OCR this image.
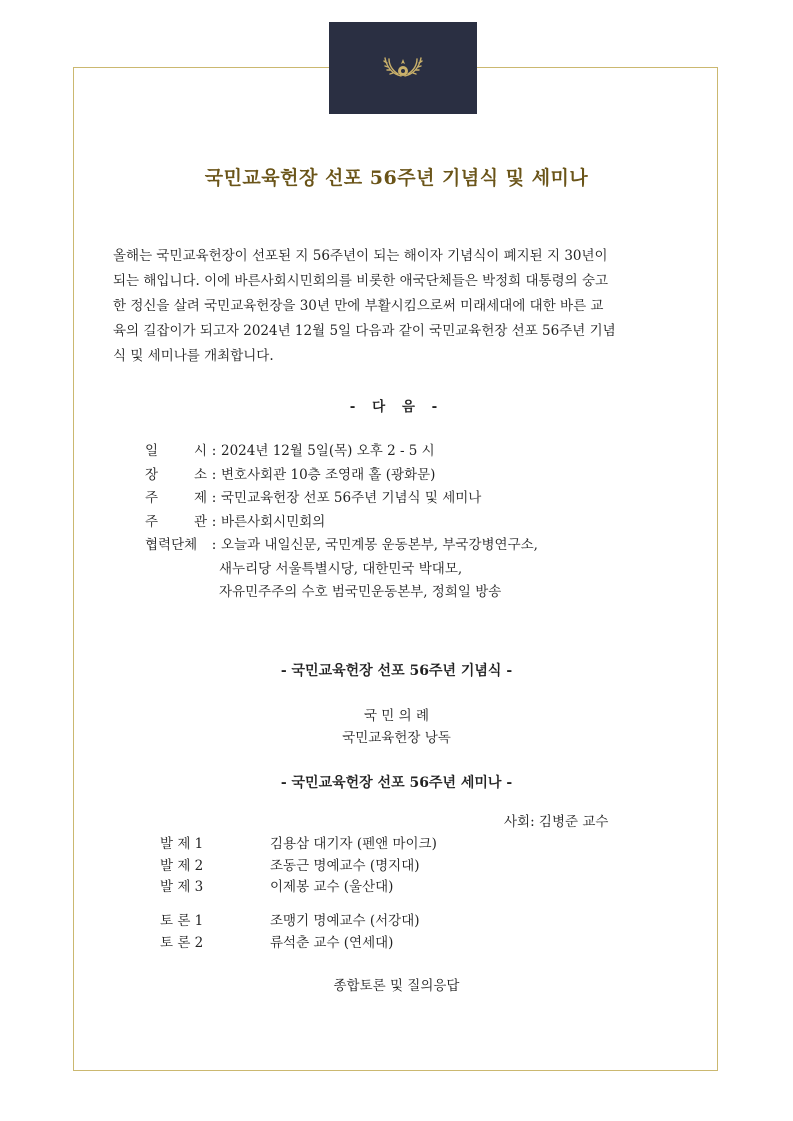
국민교육헌장 선포 56주년 기념식 및 세미나
올해는 국민교육헌장이 선포된 지 56주년이 되는 해이자 기념식이 폐지된 지 30년이
되는 해입니다. 이에 바른사회시민회의를 비롯한 애국단체들은 박정희 대통령의 숭고
한 정신을 살려 국민교육헌장을 30년 만에 부활시킴으로써 미래세대에 대한 바른 교
육의 길잡이가 되고자 2024년 12월 5일 다음과 같이 국민교육헌장 선포 56주년 기념
식 및 세미나를 개최합니다.
- 다 음 -
일 시 : 2024년 12월 5일(목) 오후 2 - 5 시
장 소 : 변호사회관 10층 조영래 홀 (광화문)
주 제 : 국민교육헌장 선포 56주년 기념식 및 세미나
주 관 : 바른사회시민회의
협력단체	: 오늘과 내일신문, 국민계몽 운동본부, 부국강병연구소,
새누리당 서울특별시당, 대한민국 박대모,
자유민주주의 수호 범국민운동본부, 정희일 방송
- 국민교육헌장 선포 56주년 기념식 -
국 민 의 례
국민교육헌장 낭독
- 국민교육헌장 선포 56주년 세미나 -
사회: 김병준 교수
발 제 1	김용삼 대기자 (펜앤 마이크)
발 제 2	조동근 명예교수 (명지대)
발 제 3	이제봉 교수 (울산대)
토 론 1	조맹기 명예교수 (서강대)
토 론 2	류석춘 교수 (연세대)
종합토론 및 질의응답
